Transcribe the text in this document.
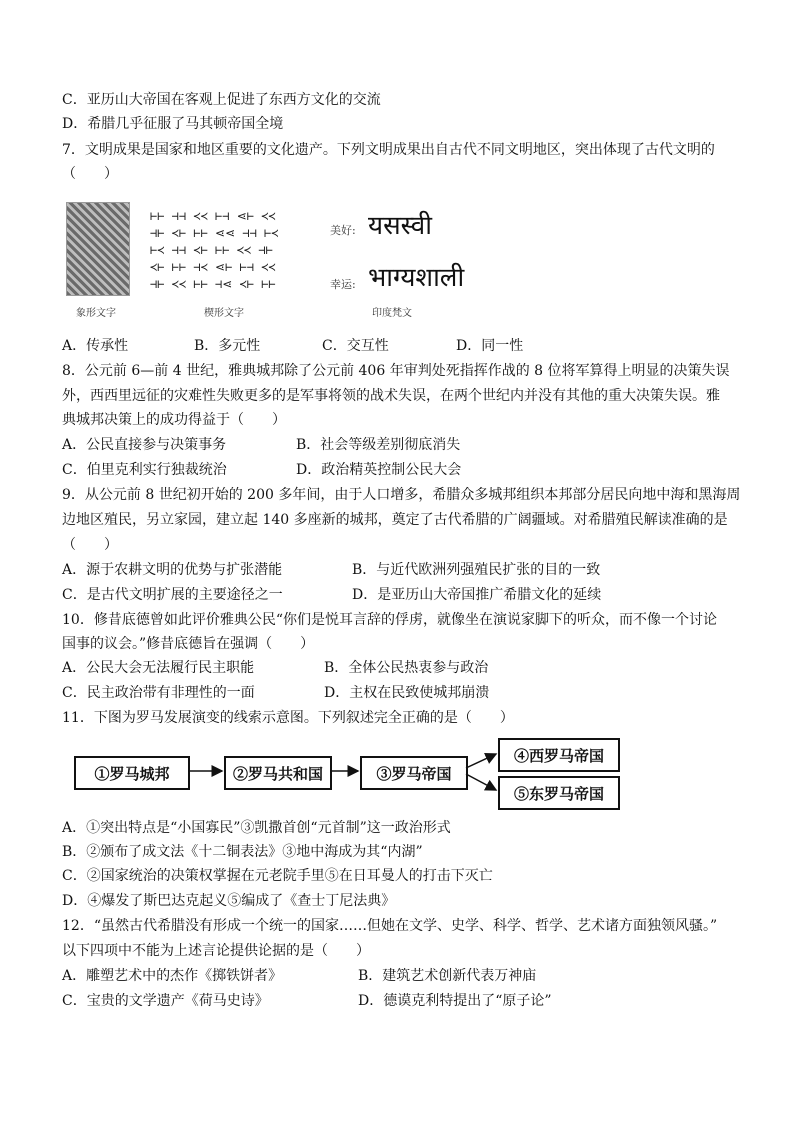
C．亚历山大帝国在客观上促进了东西方文化的交流
D．希腊几乎征服了马其顿帝国全境
7．文明成果是国家和地区重要的文化遗产。下列文明成果出自古代不同文明地区，突出体现了古代文明的
（　　）
象形文字
⊢⊢ ⊣⊣ ≺≺ ⊢⊣ ⋖⊢ ≺≺
⊣⊢ ≺⊢ ⊢⊢ ⋖⋖ ⊣⊣ ⊢≺
⊢≺ ⊣⊣ ≺⊢ ⊢⊢ ≺≺ ⊣⊢
≺⊢ ⊢⊢ ⊣≺ ⋖⊢ ⊢⊣ ≺≺
⊣⊢ ≺≺ ⊢⊢ ⊣⋖ ≺⊢ ⊢⊢
楔形文字
美好: यसस्वी
幸运: भाग्यशाली
印度梵文
A．传承性	B．多元性	C．交互性	D．同一性
8．公元前 6—前 4 世纪，雅典城邦除了公元前 406 年审判处死指挥作战的 8 位将军算得上明显的决策失误
外，西西里远征的灾难性失败更多的是军事将领的战术失误，在两个世纪内并没有其他的重大决策失误。雅
典城邦决策上的成功得益于（　　）
A．公民直接参与决策事务	B．社会等级差别彻底消失
C．伯里克利实行独裁统治	D．政治精英控制公民大会
9．从公元前 8 世纪初开始的 200 多年间，由于人口增多，希腊众多城邦组织本邦部分居民向地中海和黑海周
边地区殖民，另立家园，建立起 140 多座新的城邦，奠定了古代希腊的广阔疆域。对希腊殖民解读准确的是
（　　）
A．源于农耕文明的优势与扩张潜能	B．与近代欧洲列强殖民扩张的目的一致
C．是古代文明扩展的主要途径之一	D．是亚历山大帝国推广希腊文化的延续
10．修昔底德曾如此评价雅典公民“你们是悦耳言辞的俘虏，就像坐在演说家脚下的听众，而不像一个讨论
国事的议会。”修昔底德旨在强调（　　）
A．公民大会无法履行民主职能	B．全体公民热衷参与政治
C．民主政治带有非理性的一面	D．主权在民致使城邦崩溃
11．下图为罗马发展演变的线索示意图。下列叙述完全正确的是（　　）
①罗马城邦	②罗马共和国	③罗马帝国
④西罗马帝国
⑤东罗马帝国
A．①突出特点是“小国寡民”③凯撒首创“元首制”这一政治形式
B．②颁布了成文法《十二铜表法》③地中海成为其“内湖”
C．②国家统治的决策权掌握在元老院手里⑤在日耳曼人的打击下灭亡
D．④爆发了斯巴达克起义⑤编成了《查士丁尼法典》
12．“虽然古代希腊没有形成一个统一的国家……但她在文学、史学、科学、哲学、艺术诸方面独领风骚。”
以下四项中不能为上述言论提供论据的是（　　）
A．雕塑艺术中的杰作《掷铁饼者》	B．建筑艺术创新代表万神庙
C．宝贵的文学遗产《荷马史诗》	D．德谟克利特提出了“原子论”
